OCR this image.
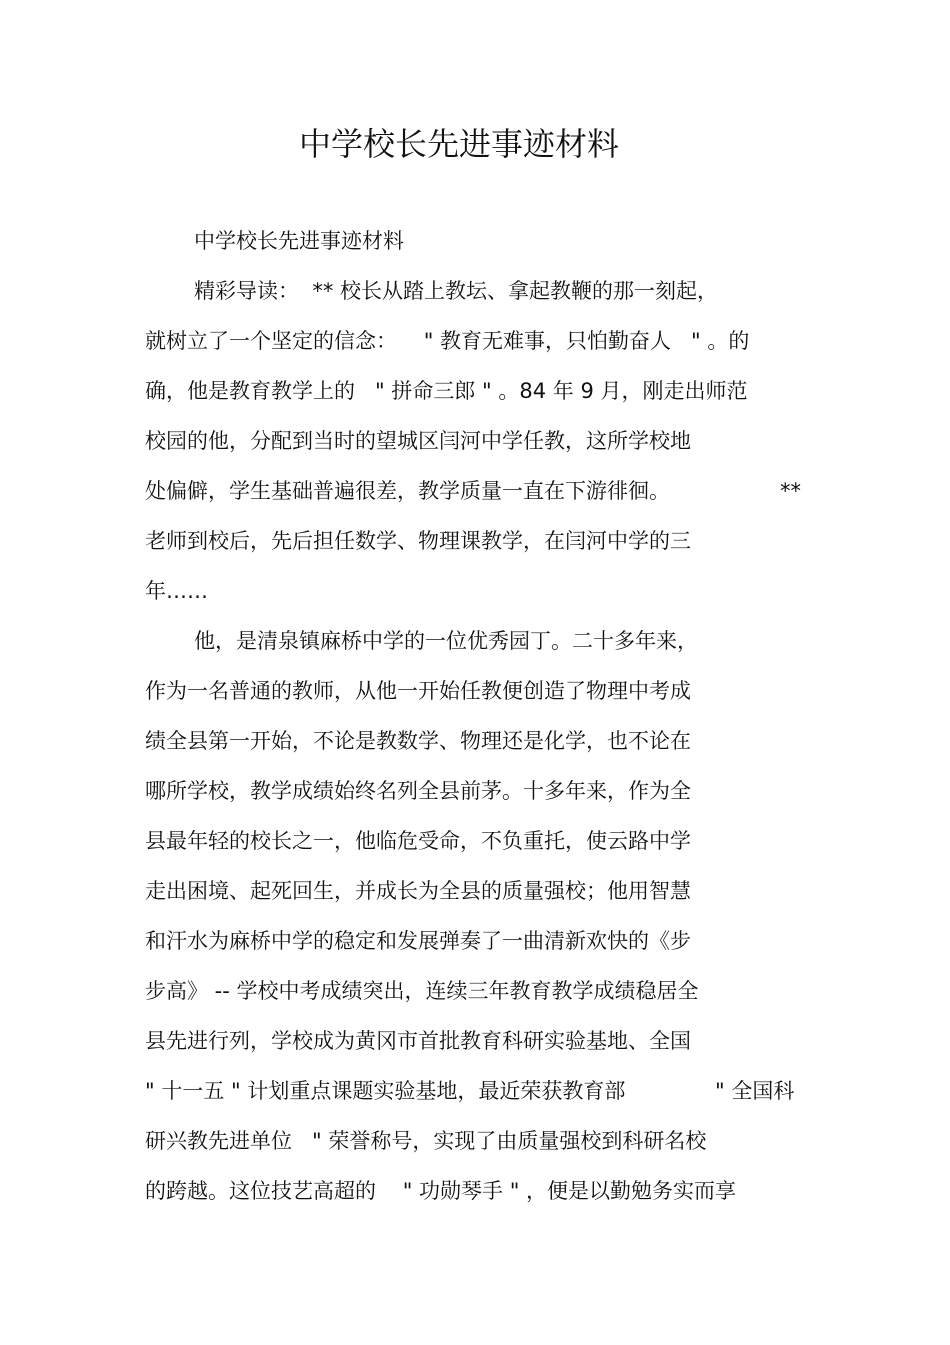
中学校长先进事迹材料
中学校长先进事迹材料
精彩导读：  ** 校长从踏上教坛、拿起教鞭的那一刻起，
就树立了一个坚定的信念：    " 教育无难事，只怕勤奋人   " 。的
确，他是教育教学上的   " 拼命三郎 " 。84 年 9 月，刚走出师范
校园的他，分配到当时的望城区闫河中学任教，这所学校地
处偏僻，学生基础普遍很差，教学质量一直在下游徘徊。	**
老师到校后，先后担任数学、物理课教学，在闫河中学的三
年……
他，是清泉镇麻桥中学的一位优秀园丁。二十多年来，
作为一名普通的教师，从他一开始任教便创造了物理中考成
绩全县第一开始，不论是教数学、物理还是化学，也不论在
哪所学校，教学成绩始终名列全县前茅。十多年来，作为全
县最年轻的校长之一，他临危受命，不负重托，使云路中学
走出困境、起死回生，并成长为全县的质量强校；他用智慧
和汗水为麻桥中学的稳定和发展弹奏了一曲清新欢快的《步
步高》 -- 学校中考成绩突出，连续三年教育教学成绩稳居全
县先进行列，学校成为黄冈市首批教育科研实验基地、全国
" 十一五 " 计划重点课题实验基地，最近荣获教育部	" 全国科
研兴教先进单位   " 荣誉称号，实现了由质量强校到科研名校
的跨越。这位技艺高超的    " 功勋琴手 " ，便是以勤勉务实而享
